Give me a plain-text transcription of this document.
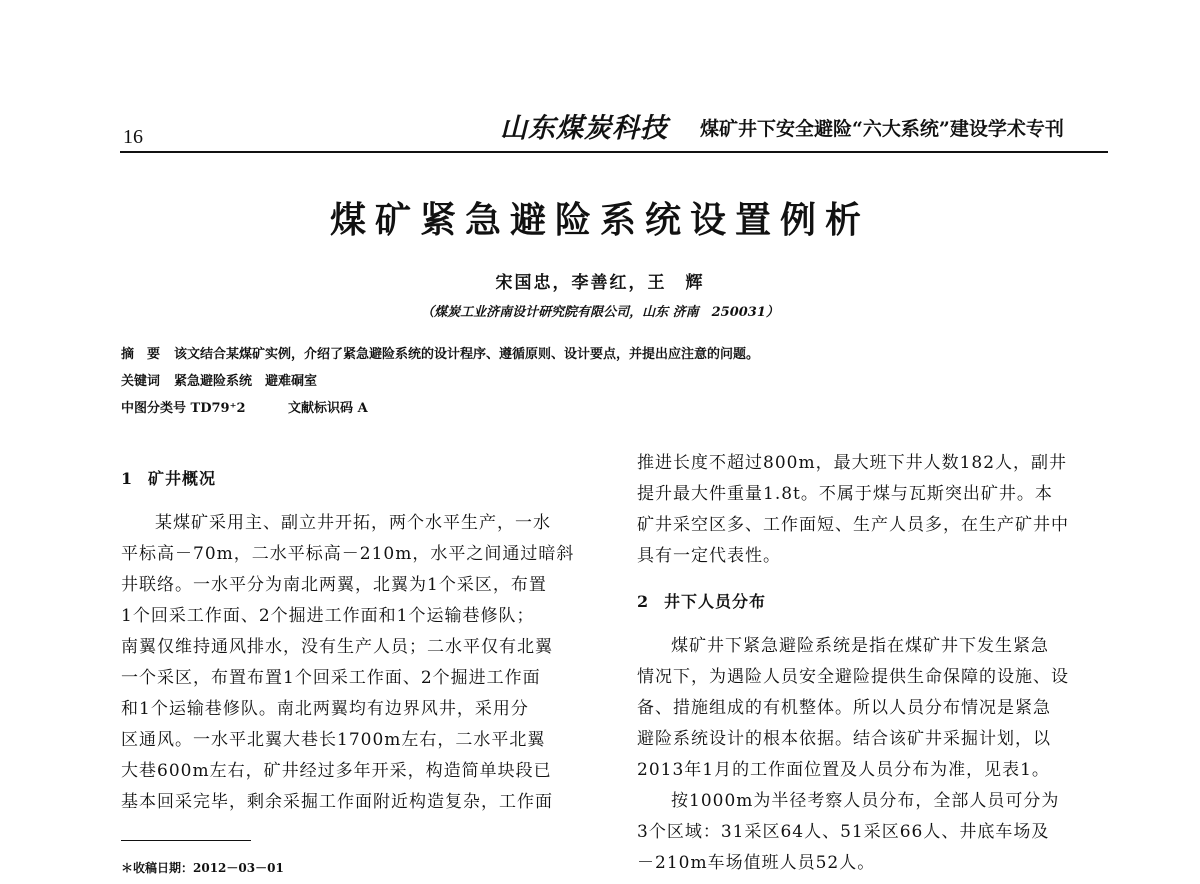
16	山东煤炭科技 煤矿井下安全避险“六大系统”建设学术专刊
煤矿紧急避险系统设置例析
宋国忠，李善红，王　辉
（煤炭工业济南设计研究院有限公司，山东 济南　250031）
摘　要 该文结合某煤矿实例，介绍了紧急避险系统的设计程序、遵循原则、设计要点，并提出应注意的问题。
关键词 紧急避险系统　避难硐室
中图分类号 TD79⁺2	文献标识码 A

1 矿井概况

某煤矿采用主、副立井开拓，两个水平生产，一水
平标高－70m，二水平标高－210m，水平之间通过暗斜
井联络。一水平分为南北两翼，北翼为1个采区，布置
1个回采工作面、2个掘进工作面和1个运输巷修队；
南翼仅维持通风排水，没有生产人员；二水平仅有北翼
一个采区，布置布置1个回采工作面、2个掘进工作面
和1个运输巷修队。南北两翼均有边界风井，采用分
区通风。一水平北翼大巷长1700m左右，二水平北翼
大巷600m左右，矿井经过多年开采，构造简单块段已
基本回采完毕，剩余采掘工作面附近构造复杂，工作面

推进长度不超过800m，最大班下井人数182人，副井
提升最大件重量1.8t。不属于煤与瓦斯突出矿井。本
矿井采空区多、工作面短、生产人员多，在生产矿井中
具有一定代表性。

2 井下人员分布

煤矿井下紧急避险系统是指在煤矿井下发生紧急
情况下，为遇险人员安全避险提供生命保障的设施、设
备、措施组成的有机整体。所以人员分布情况是紧急
避险系统设计的根本依据。结合该矿井采掘计划，以
2013年1月的工作面位置及人员分布为准，见表1。

按1000m为半径考察人员分布，全部人员可分为
3个区域：31采区64人、51采区66人、井底车场及
－210m车场值班人员52人。

＊收稿日期：2012－03－01
